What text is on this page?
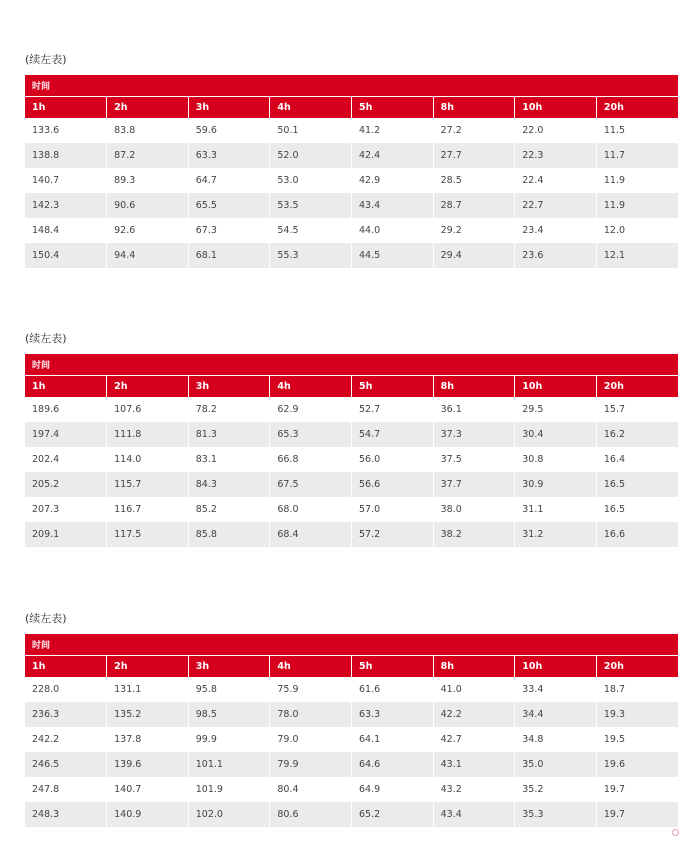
(续左表)
时间							
1h	2h	3h	4h	5h	8h	10h	20h
133.6	83.8	59.6	50.1	41.2	27.2	22.0	11.5
138.8	87.2	63.3	52.0	42.4	27.7	22.3	11.7
140.7	89.3	64.7	53.0	42.9	28.5	22.4	11.9
142.3	90.6	65.5	53.5	43.4	28.7	22.7	11.9
148.4	92.6	67.3	54.5	44.0	29.2	23.4	12.0
150.4	94.4	68.1	55.3	44.5	29.4	23.6	12.1
(续左表)
时间							
1h	2h	3h	4h	5h	8h	10h	20h
189.6	107.6	78.2	62.9	52.7	36.1	29.5	15.7
197.4	111.8	81.3	65.3	54.7	37.3	30.4	16.2
202.4	114.0	83.1	66.8	56.0	37.5	30.8	16.4
205.2	115.7	84.3	67.5	56.6	37.7	30.9	16.5
207.3	116.7	85.2	68.0	57.0	38.0	31.1	16.5
209.1	117.5	85.8	68.4	57.2	38.2	31.2	16.6
(续左表)
时间							
1h	2h	3h	4h	5h	8h	10h	20h
228.0	131.1	95.8	75.9	61.6	41.0	33.4	18.7
236.3	135.2	98.5	78.0	63.3	42.2	34.4	19.3
242.2	137.8	99.9	79.0	64.1	42.7	34.8	19.5
246.5	139.6	101.1	79.9	64.6	43.1	35.0	19.6
247.8	140.7	101.9	80.4	64.9	43.2	35.2	19.7
248.3	140.9	102.0	80.6	65.2	43.4	35.3	19.7
